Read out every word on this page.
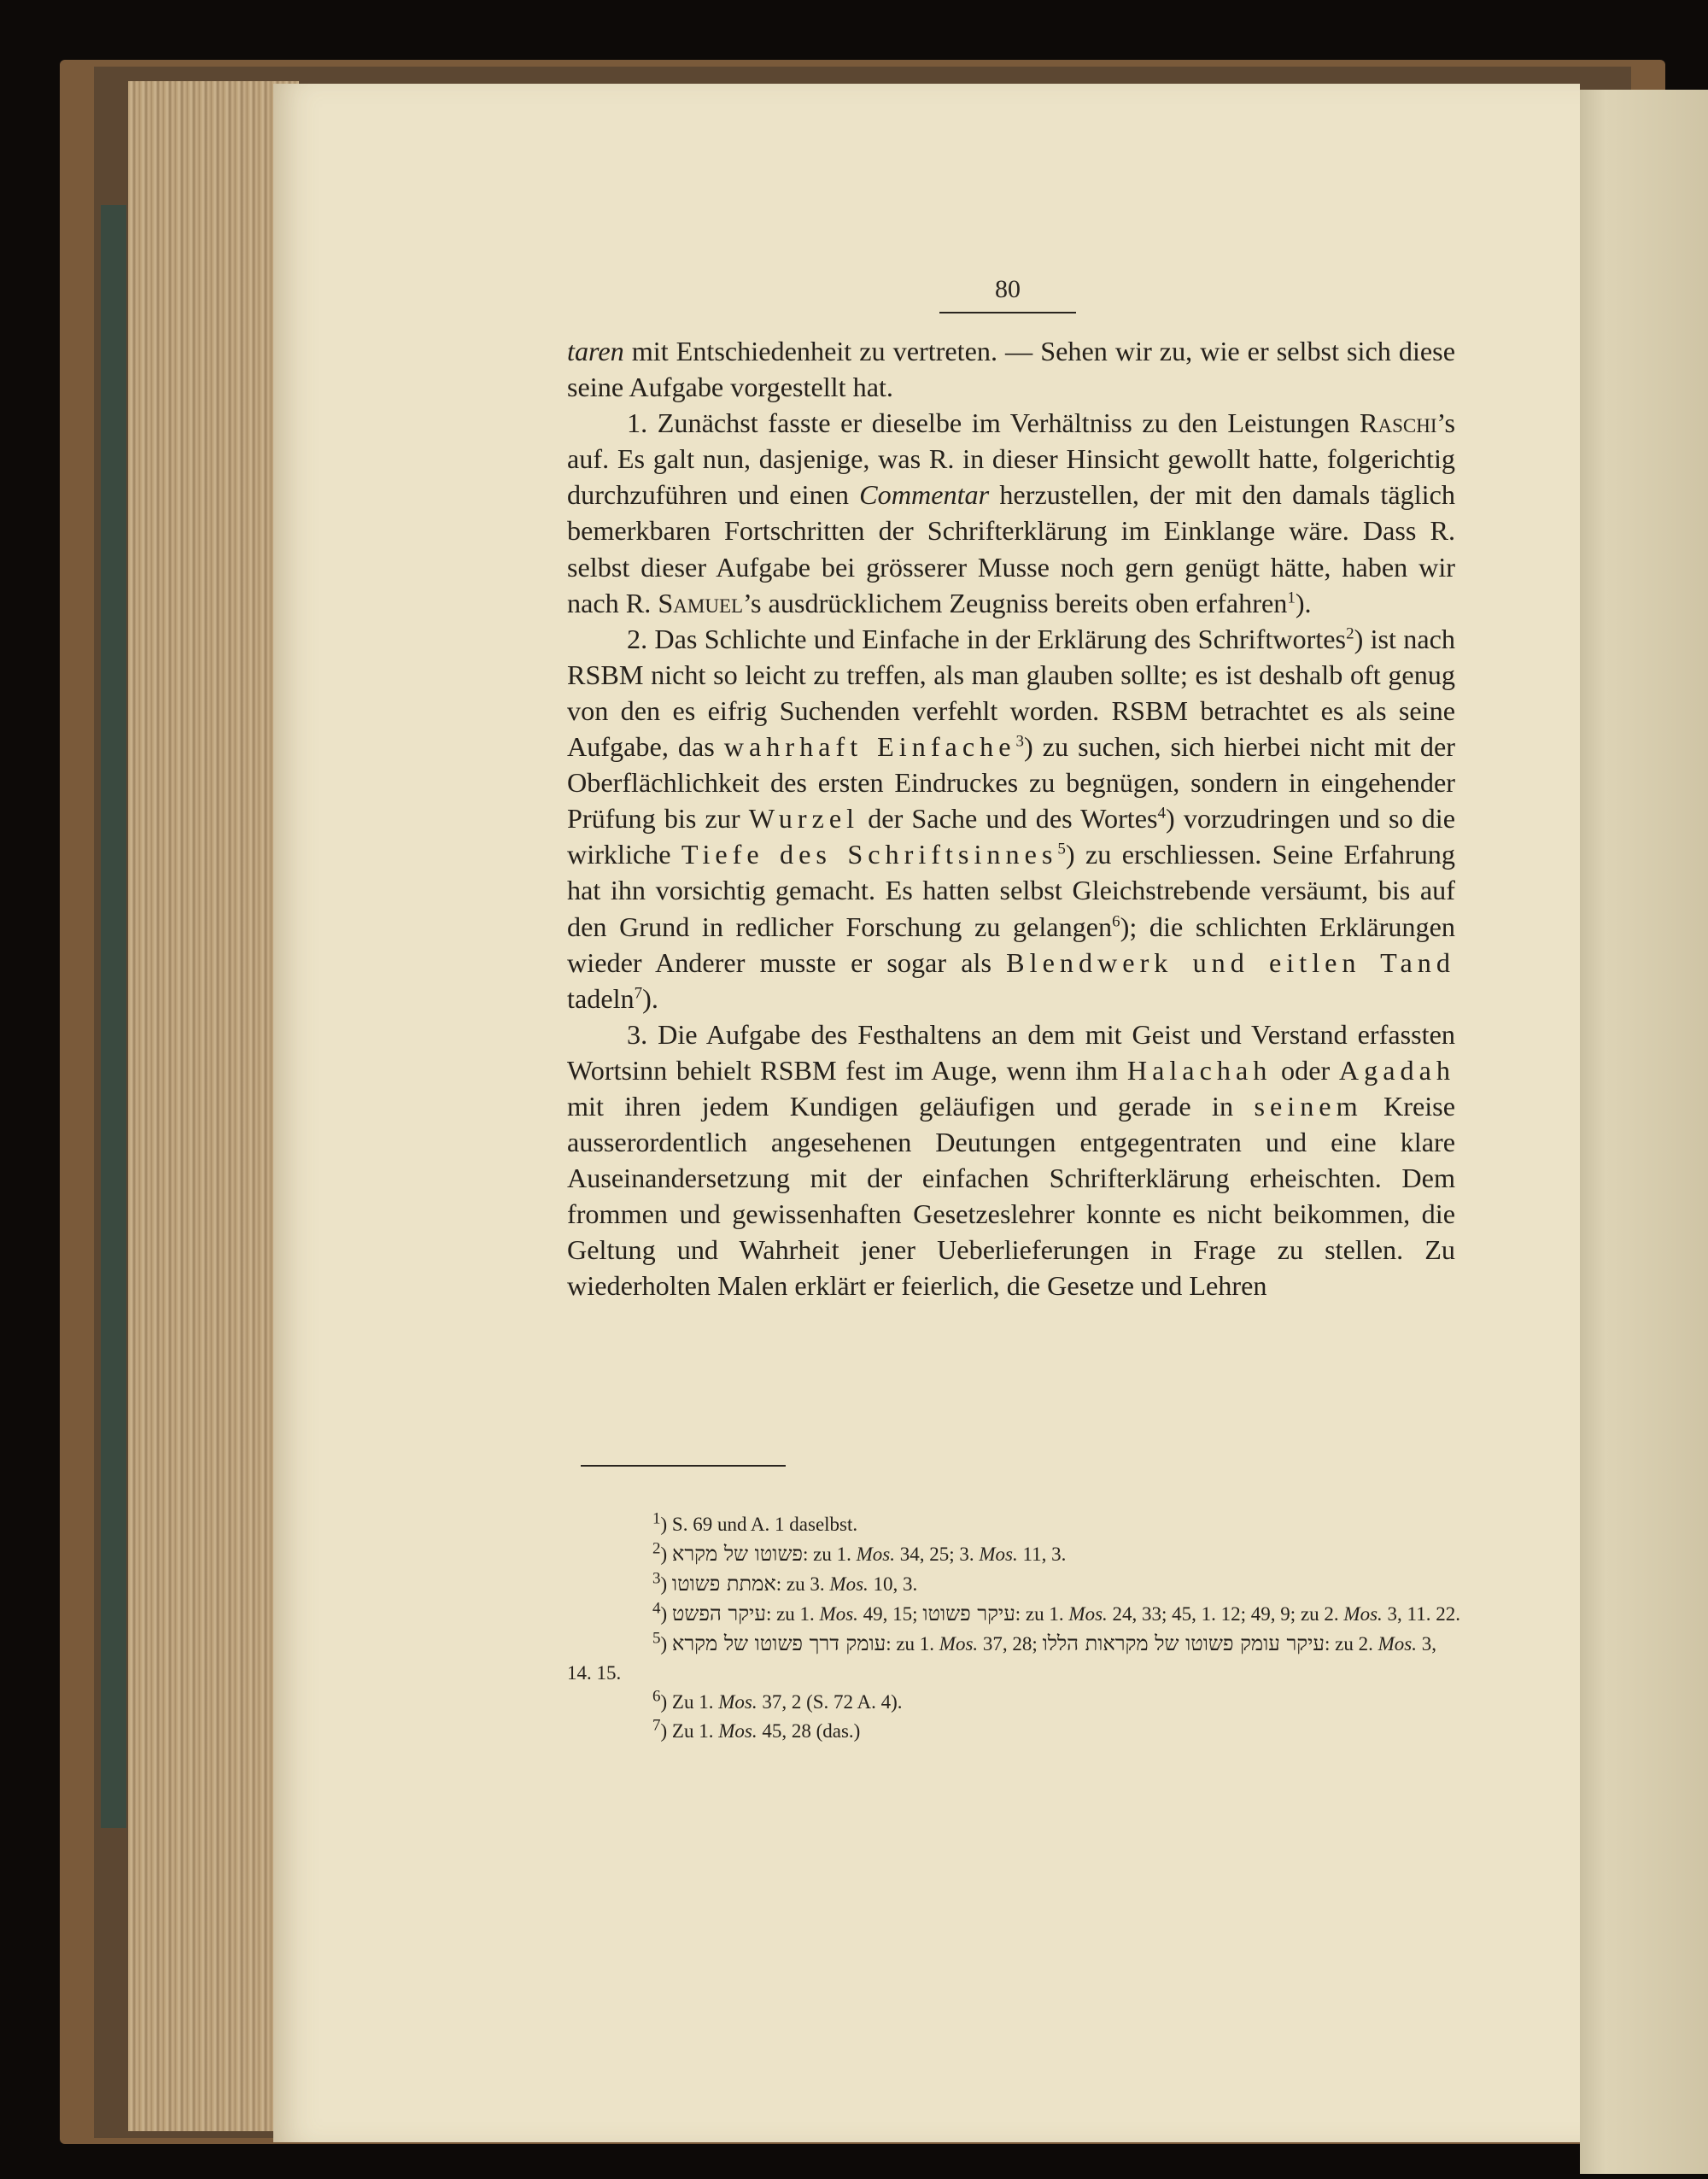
80

taren mit Entschiedenheit zu vertreten. — Sehen wir zu, wie er selbst sich diese seine Aufgabe vorgestellt hat.

1. Zunächst fasste er dieselbe im Verhältniss zu den Leistungen Raschi’s auf. Es galt nun, dasjenige, was R. in dieser Hinsicht gewollt hatte, folgerichtig durchzuführen und einen Commentar herzustellen, der mit den damals täglich bemerkbaren Fortschritten der Schrifterklärung im Einklange wäre. Dass R. selbst dieser Aufgabe bei grösserer Musse noch gern genügt hätte, haben wir nach R. Samuel’s ausdrücklichem Zeugniss bereits oben erfahren$^1$).

2. Das Schlichte und Einfache in der Erklärung des Schriftwortes$^2$) ist nach RSBM nicht so leicht zu treffen, als man glauben sollte; es ist deshalb oft genug von den es eifrig Suchenden verfehlt worden. RSBM betrachtet es als seine Aufgabe, das wahrhaft Einfache$^3$) zu suchen, sich hierbei nicht mit der Oberflächlichkeit des ersten Eindruckes zu begnügen, sondern in eingehender Prüfung bis zur Wurzel der Sache und des Wortes$^4$) vorzudringen und so die wirkliche Tiefe des Schriftsinnes$^5$) zu erschliessen. Seine Erfahrung hat ihn vorsichtig gemacht. Es hatten selbst Gleichstrebende versäumt, bis auf den Grund in redlicher Forschung zu gelangen$^6$); die schlichten Erklärungen wieder Anderer musste er sogar als Blendwerk und eitlen Tand tadeln$^7$).

3. Die Aufgabe des Festhaltens an dem mit Geist und Verstand erfassten Wortsinn behielt RSBM fest im Auge, wenn ihm Halachah oder Agadah mit ihren jedem Kundigen geläufigen und gerade in seinem Kreise ausserordentlich angesehenen Deutungen entgegentraten und eine klare Auseinandersetzung mit der einfachen Schrifterklärung erheischten. Dem frommen und gewissenhaften Gesetzeslehrer konnte es nicht beikommen, die Geltung und Wahrheit jener Ueberlieferungen in Frage zu stellen. Zu wiederholten Malen erklärt er feierlich, die Gesetze und Lehren

$^1$) S. 69 und A. 1 daselbst.

$^2$) פשוטו של מקרא: zu 1. Mos. 34, 25; 3. Mos. 11, 3.

$^3$) אמתת פשוטו: zu 3. Mos. 10, 3.

$^4$) עיקר הפשט: zu 1. Mos. 49, 15; עיקר פשוטו: zu 1. Mos. 24, 33; 45, 1. 12; 49, 9; zu 2. Mos. 3, 11. 22.

$^5$) עומק דרך פשוטו של מקרא: zu 1. Mos. 37, 28; עיקר עומק פשוטו של מקראות הללו: zu 2. Mos. 3, 14. 15.

$^6$) Zu 1. Mos. 37, 2 (S. 72 A. 4).

$^7$) Zu 1. Mos. 45, 28 (das.)
